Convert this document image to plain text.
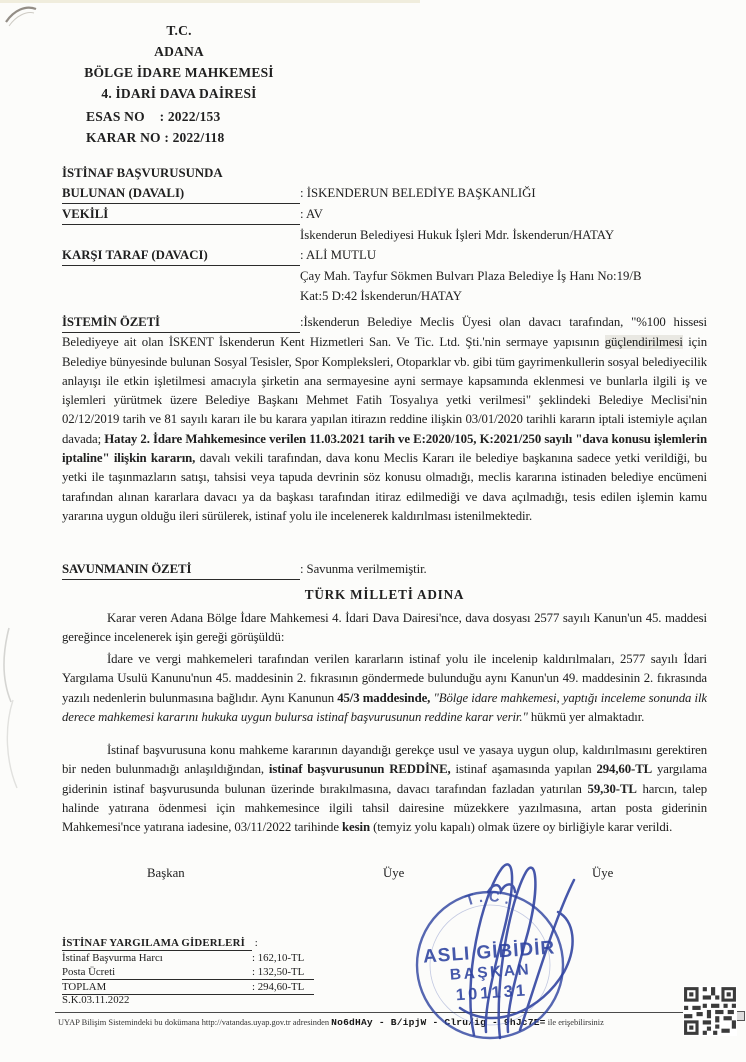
T.C.
ADANA
BÖLGE İDARE MAHKEMESİ
4. İDARİ DAVA DAİRESİ
ESAS NO : 2022/153
KARAR NO : 2022/118
İSTİNAF BAŞVURUSUNDA
BULUNAN (DAVALI)	: İSKENDERUN BELEDİYE BAŞKANLIĞI
VEKİLİ	: AV
İskenderun Belediyesi Hukuk İşleri Mdr. İskenderun/HATAY
KARŞI TARAF (DAVACI)	: ALİ MUTLU
Çay Mah. Tayfur Sökmen Bulvarı Plaza Belediye İş Hanı No:19/B
Kat:5 D:42 İskenderun/HATAY
İSTEMİN ÖZETİ	:İskenderun Belediye Meclis Üyesi olan davacı tarafından, "%100 hissesi Belediyeye ait olan İSKENT İskenderun Kent Hizmetleri San. Ve Tic. Ltd. Şti.'nin sermaye yapısının güçlendirilmesi için Belediye bünyesinde bulunan Sosyal Tesisler, Spor Kompleksleri, Otoparklar vb. gibi tüm gayrimenkullerin sosyal belediyecilik anlayışı ile etkin işletilmesi amacıyla şirketin ana sermayesine ayni sermaye kapsamında eklenmesi ve bunlarla ilgili iş ve işlemleri yürütmek üzere Belediye Başkanı Mehmet Fatih Tosyalıya yetki verilmesi" şeklindeki Belediye Meclisi'nin 02/12/2019 tarih ve 81 sayılı kararı ile bu karara yapılan itirazın reddine ilişkin 03/01/2020 tarihli kararın iptali istemiyle açılan davada; Hatay 2. İdare Mahkemesince verilen 11.03.2021 tarih ve E:2020/105, K:2021/250 sayılı "dava konusu işlemlerin iptaline" ilişkin kararın, davalı vekili tarafından, dava konu Meclis Kararı ile belediye başkanına sadece yetki verildiği, bu yetki ile taşınmazların satışı, tahsisi veya tapuda devrinin söz konusu olmadığı, meclis kararına istinaden belediye encümeni tarafından alınan kararlara davacı ya da başkası tarafından itiraz edilmediği ve dava açılmadığı, tesis edilen işlemin kamu yararına uygun olduğu ileri sürülerek, istinaf yolu ile incelenerek kaldırılması istenilmektedir.
SAVUNMANIN ÖZETİ	: Savunma verilmemiştir.
TÜRK MİLLETİ ADINA
Karar veren Adana Bölge İdare Mahkemesi 4. İdari Dava Dairesi'nce, dava dosyası 2577 sayılı Kanun'un 45. maddesi gereğince incelenerek işin gereği görüşüldü:
İdare ve vergi mahkemeleri tarafından verilen kararların istinaf yolu ile incelenip kaldırılmaları, 2577 sayılı İdari Yargılama Usulü Kanunu'nun 45. maddesinin 2. fıkrasının göndermede bulunduğu aynı Kanun'un 49. maddesinin 2. fıkrasında yazılı nedenlerin bulunmasına bağlıdır. Aynı Kanunun 45/3 maddesinde, "Bölge idare mahkemesi, yaptığı inceleme sonunda ilk derece mahkemesi kararını hukuka uygun bulursa istinaf başvurusunun reddine karar verir." hükmü yer almaktadır.
İstinaf başvurusuna konu mahkeme kararının dayandığı gerekçe usul ve yasaya uygun olup, kaldırılmasını gerektiren bir neden bulunmadığı anlaşıldığından, istinaf başvurusunun REDDİNE, istinaf aşamasında yapılan 294,60-TL yargılama giderinin istinaf başvurusunda bulunan üzerinde bırakılmasına, davacı tarafından fazladan yatırılan 59,30-TL harcın, talep halinde yatırana ödenmesi için mahkemesince ilgili tahsil dairesine müzekkere yazılmasına, artan posta giderinin Mahkemesi'nce yatırana iadesine, 03/11/2022 tarihinde kesin (temyiz yolu kapalı) olmak üzere oy birliğiyle karar verildi.
Başkan	Üye	Üye
T.C.
ASLI GİBİDİR
BAŞKAN
101131
İSTİNAF YARGILAMA GİDERLERİ :
İstinaf Başvurma Harcı	: 162,10-TL
Posta Ücreti	: 132,50-TL
TOPLAM	: 294,60-TL
S.K.03.11.2022
UYAP Bilişim Sistemindeki bu dokümana http://vatandas.uyap.gov.tr adresinden No6dHAy - B/ipjW - Clru/ig - 9hJc7E= ile erişebilirsiniz
